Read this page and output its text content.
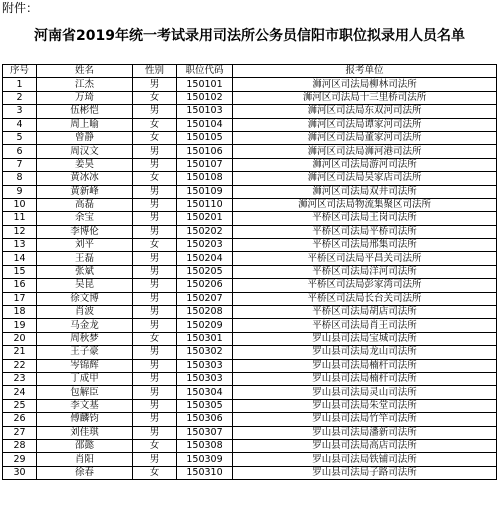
附件：
河南省2019年统一考试录用司法所公务员信阳市职位拟录用人员名单
序号	姓名	性别	职位代码	报考单位
1	江杰	男	150101	浉河区司法局柳林司法所
2	万琦	女	150102	浉河区司法局十三里桥司法所
3	伍彬恺	男	150103	浉河区司法局东双河司法所
4	周上喻	女	150104	浉河区司法局谭家河司法所
5	曾静	女	150105	浉河区司法局董家河司法所
6	周汉文	男	150106	浉河区司法局浉河港司法所
7	姜昊	男	150107	浉河区司法局游河司法所
8	黄冰冰	女	150108	浉河区司法局吴家店司法所
9	黄新峰	男	150109	浉河区司法局双井司法所
10	高磊	男	150110	浉河区司法局物流集聚区司法所
11	余宝	男	150201	平桥区司法局王岗司法所
12	李博伦	男	150202	平桥区司法局平桥司法所
13	刘平	女	150203	平桥区司法局邢集司法所
14	王磊	男	150204	平桥区司法局平昌关司法所
15	张斌	男	150205	平桥区司法局洋河司法所
16	吴昆	男	150206	平桥区司法局彭家湾司法所
17	徐文博	男	150207	平桥区司法局长台关司法所
18	肖波	男	150208	平桥区司法局胡店司法所
19	马金龙	男	150209	平桥区司法局肖王司法所
20	周秋梦	女	150301	罗山县司法局宝城司法所
21	王子豪	男	150302	罗山县司法局龙山司法所
22	岑锦辉	男	150303	罗山县司法局楠杆司法所
23	丁成甲	男	150303	罗山县司法局楠杆司法所
24	包解臣	男	150304	罗山县司法局灵山司法所
25	李文基	男	150305	罗山县司法局朱堂司法所
26	傅麟钧	男	150306	罗山县司法局竹竿司法所
27	刘佳琪	男	150307	罗山县司法局潘新司法所
28	邵懿	女	150308	罗山县司法局高店司法所
29	肖阳	男	150309	罗山县司法局铁铺司法所
30	徐春	女	150310	罗山县司法局子路司法所
